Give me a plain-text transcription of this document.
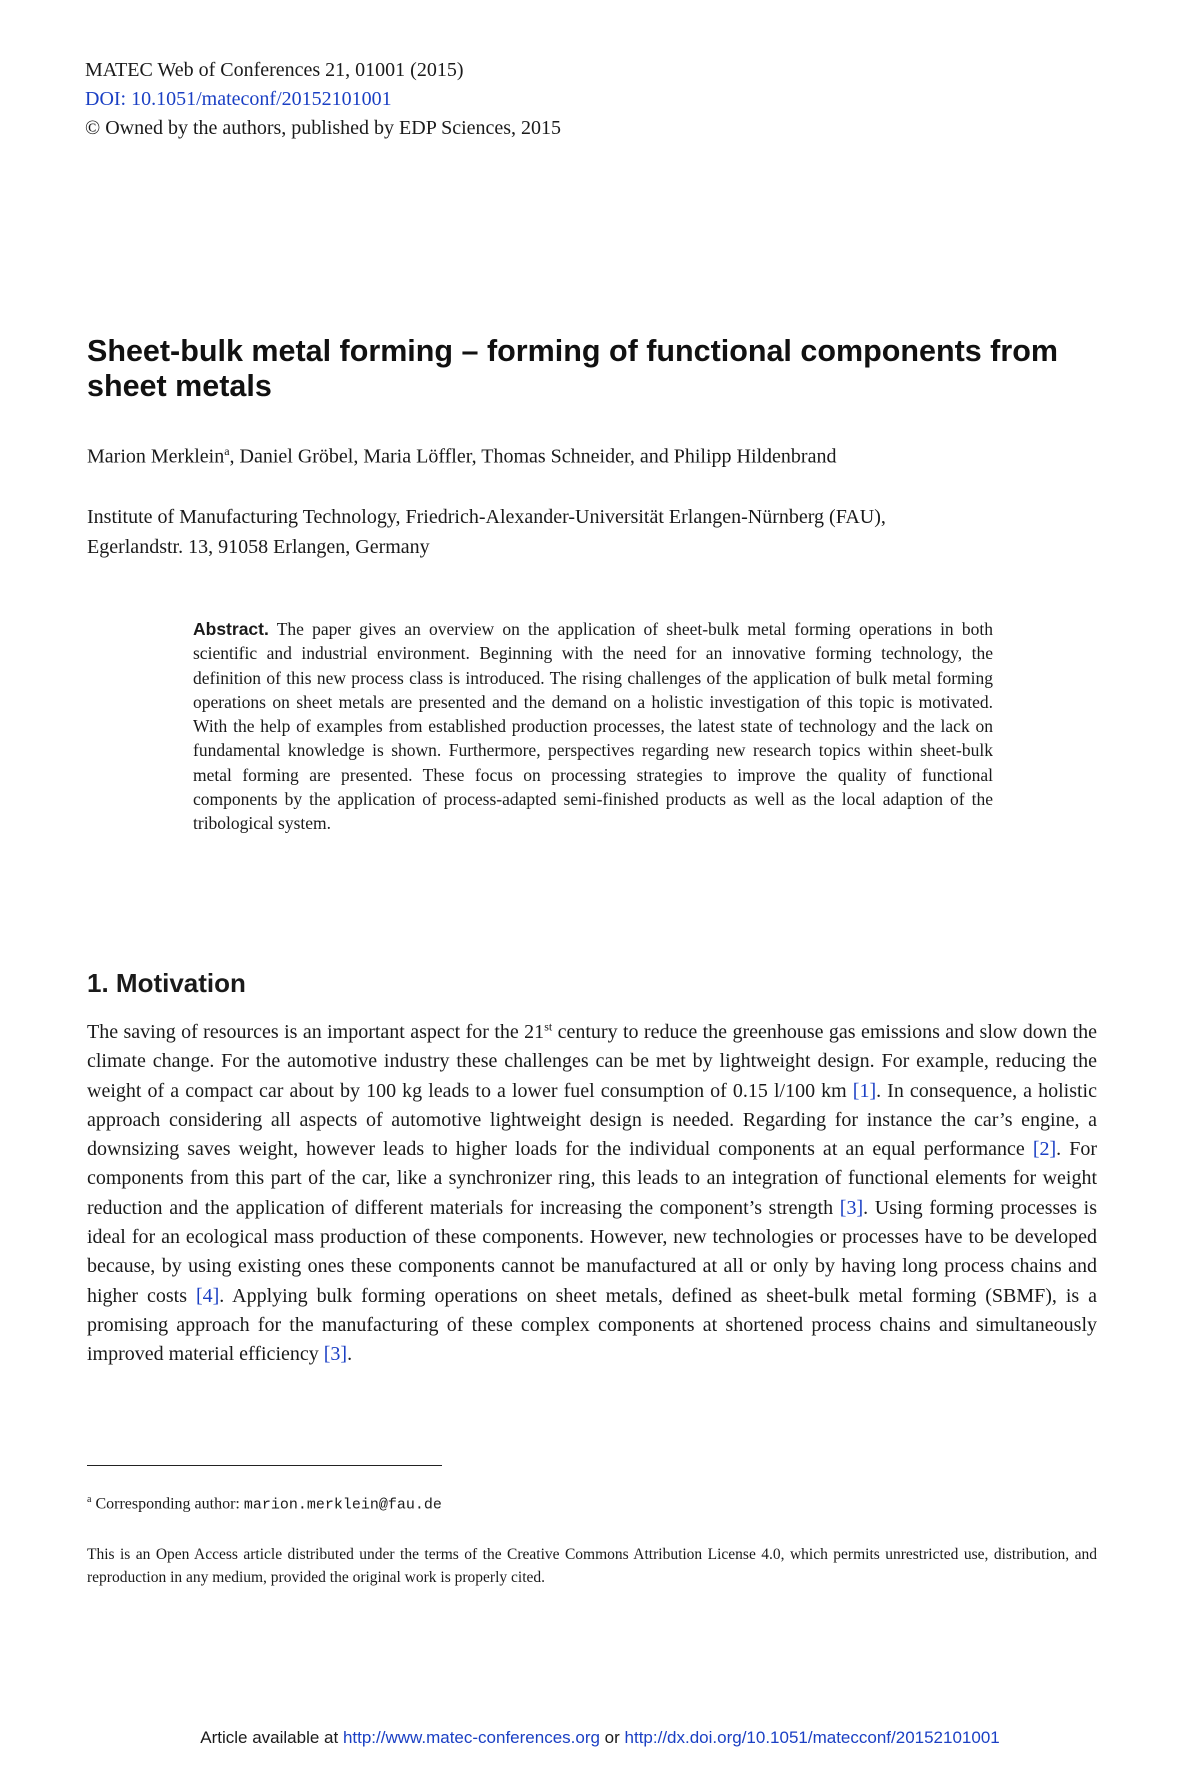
MATEC Web of Conferences 21, 01001 (2015)
DOI: 10.1051/mateconf/20152101001
© Owned by the authors, published by EDP Sciences, 2015
Sheet-bulk metal forming – forming of functional components from sheet metals
Marion Merklein$^a$, Daniel Gröbel, Maria Löffler, Thomas Schneider, and Philipp Hildenbrand
Institute of Manufacturing Technology, Friedrich-Alexander-Universität Erlangen-Nürnberg (FAU),
Egerlandstr. 13, 91058 Erlangen, Germany
Abstract. The paper gives an overview on the application of sheet-bulk metal forming operations in both scientific and industrial environment. Beginning with the need for an innovative forming technology, the definition of this new process class is introduced. The rising challenges of the application of bulk metal forming operations on sheet metals are presented and the demand on a holistic investigation of this topic is motivated. With the help of examples from established production processes, the latest state of technology and the lack on fundamental knowledge is shown. Furthermore, perspectives regarding new research topics within sheet-bulk metal forming are presented. These focus on processing strategies to improve the quality of functional components by the application of process-adapted semi-finished products as well as the local adaption of the tribological system.
1. Motivation
The saving of resources is an important aspect for the 21st century to reduce the greenhouse gas emissions and slow down the climate change. For the automotive industry these challenges can be met by lightweight design. For example, reducing the weight of a compact car about by 100 kg leads to a lower fuel consumption of 0.15 l/100 km [1]. In consequence, a holistic approach considering all aspects of automotive lightweight design is needed. Regarding for instance the car’s engine, a downsizing saves weight, however leads to higher loads for the individual components at an equal performance [2]. For components from this part of the car, like a synchronizer ring, this leads to an integration of functional elements for weight reduction and the application of different materials for increasing the component’s strength [3]. Using forming processes is ideal for an ecological mass production of these components. However, new technologies or processes have to be developed because, by using existing ones these components cannot be manufactured at all or only by having long process chains and higher costs [4]. Applying bulk forming operations on sheet metals, defined as sheet-bulk metal forming (SBMF), is a promising approach for the manufacturing of these complex components at shortened process chains and simultaneously improved material efficiency [3].
$^a$ Corresponding author: marion.merklein@fau.de
This is an Open Access article distributed under the terms of the Creative Commons Attribution License 4.0, which permits unrestricted use, distribution, and reproduction in any medium, provided the original work is properly cited.
Article available at http://www.matec-conferences.org or http://dx.doi.org/10.1051/matecconf/20152101001
